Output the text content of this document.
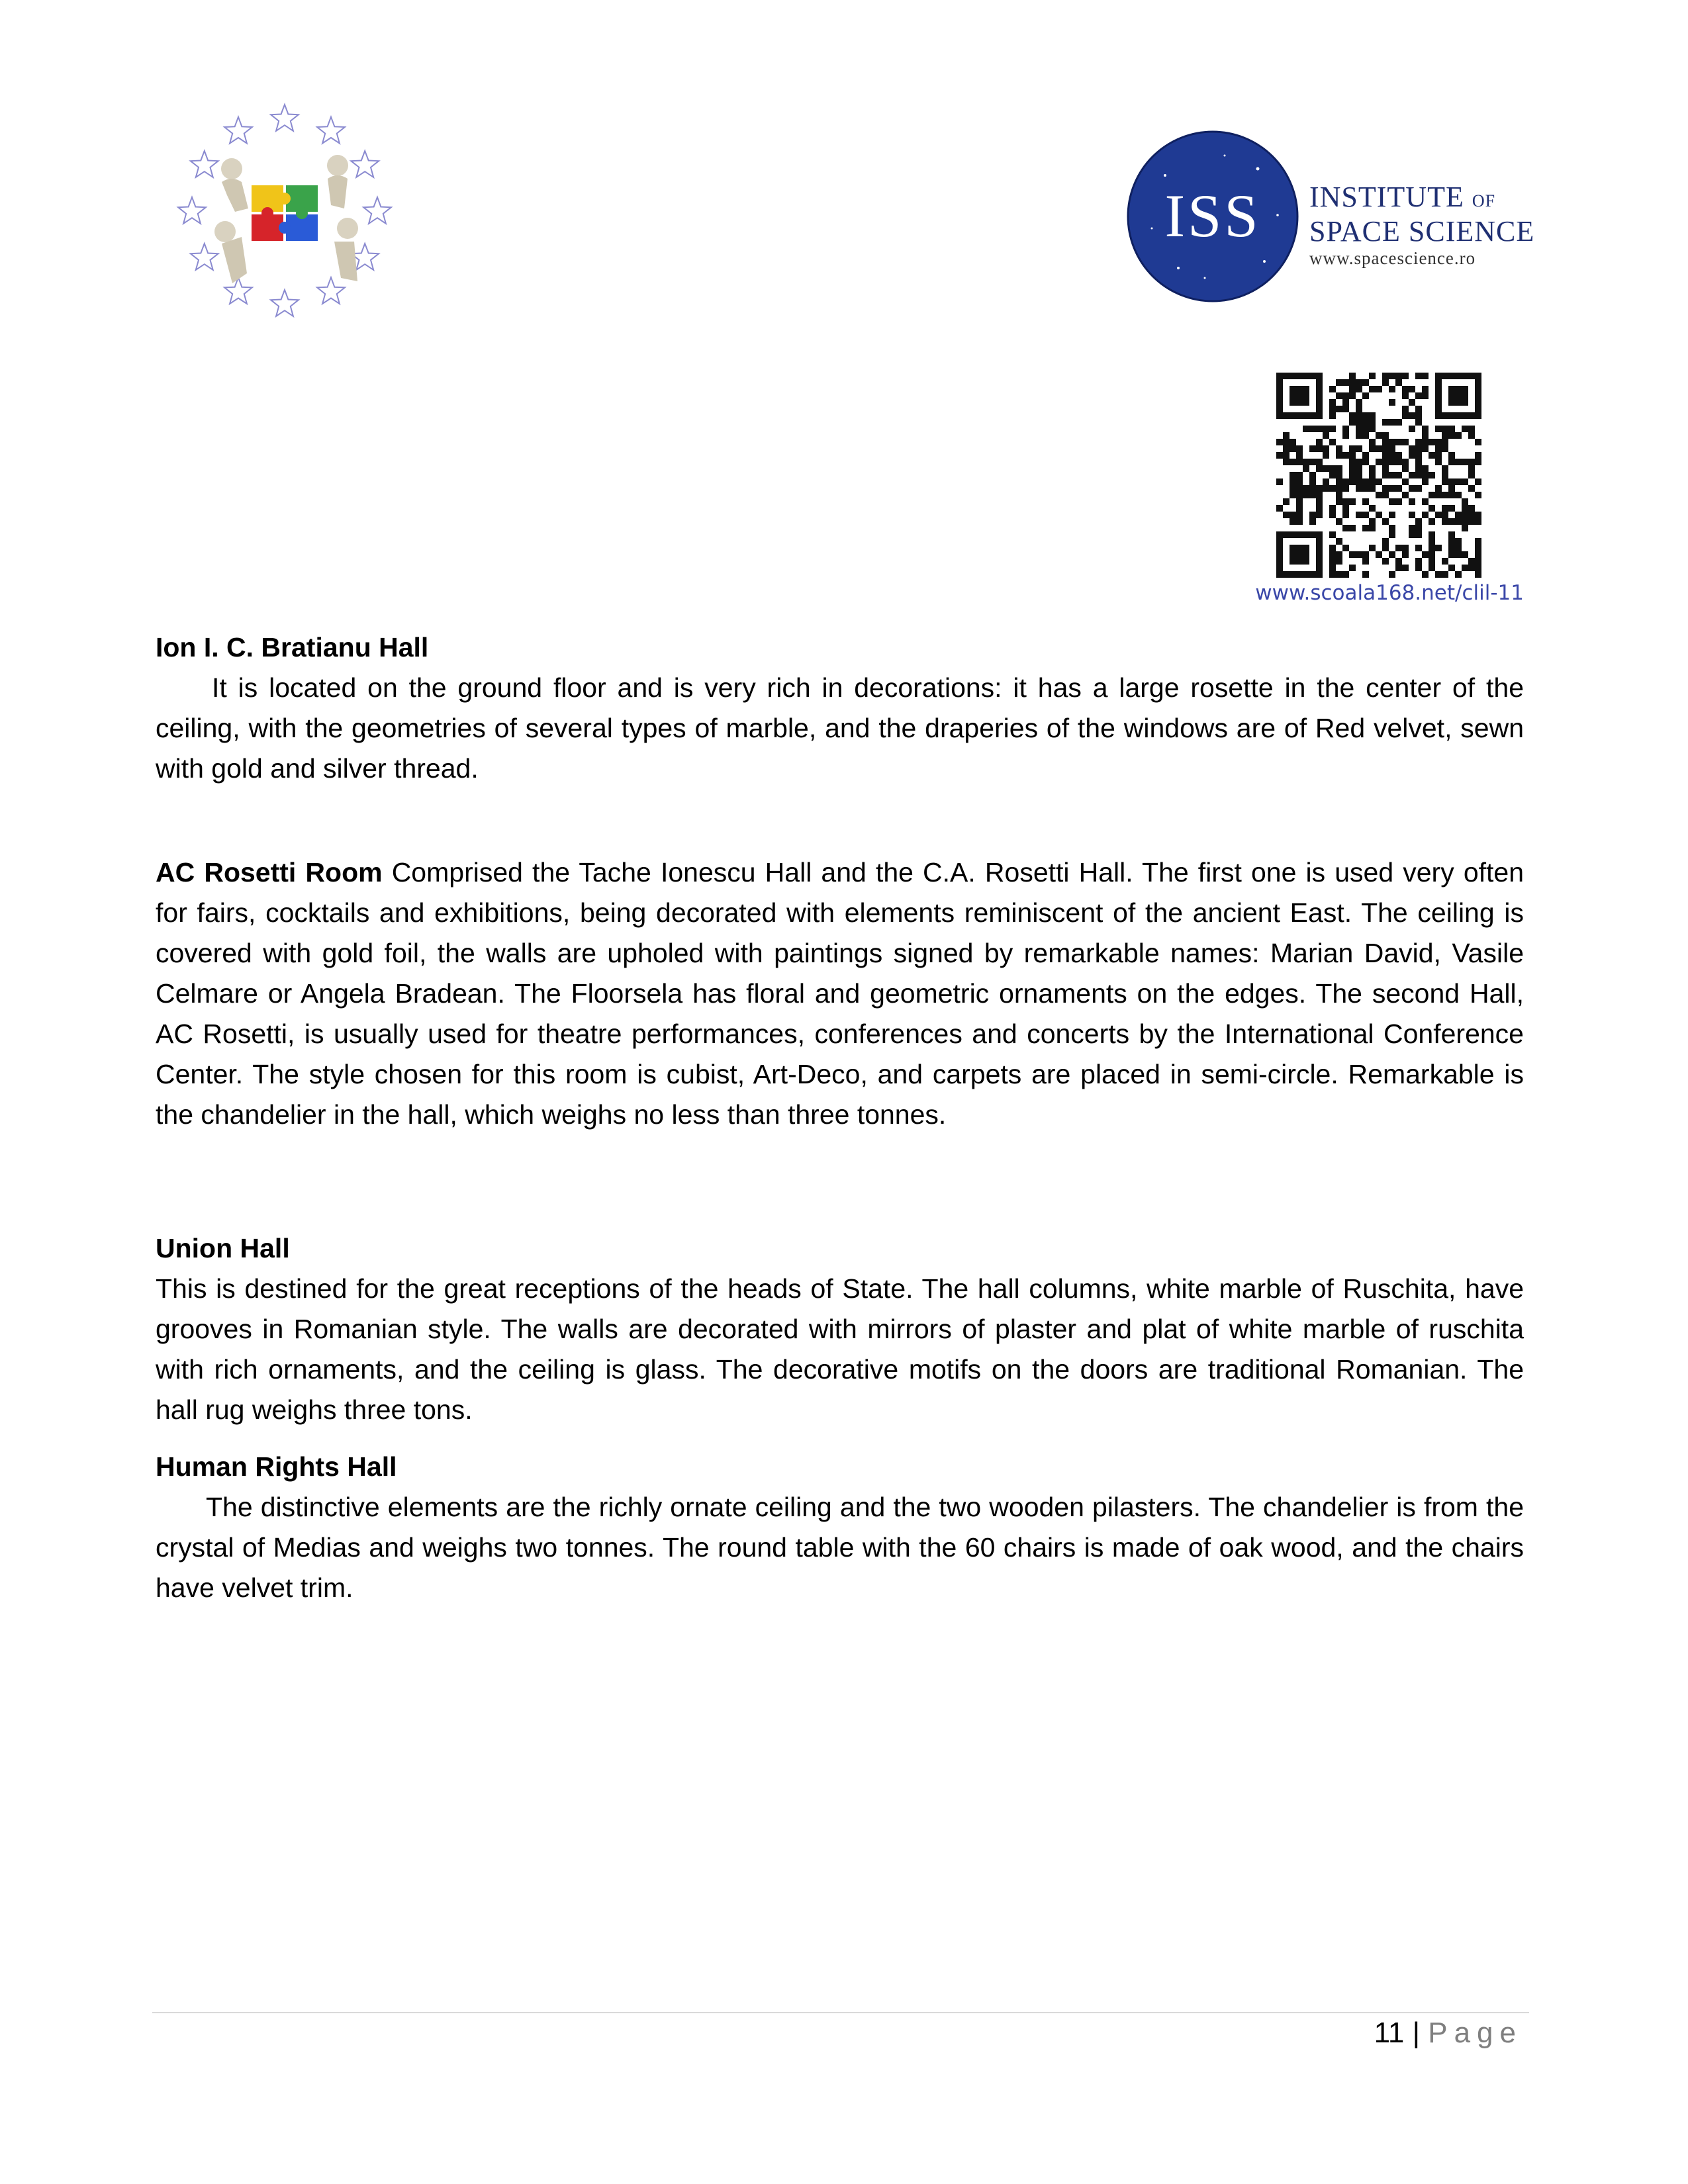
ISS INSTITUTE OF
SPACE SCIENCE
www.spacescience.ro
www.scoala168.net/clil-11

Ion I. C. Bratianu Hall

It is located on the ground floor and is very rich in decorations: it has a large rosette in the center of the ceiling, with the geometries of several types of marble, and the draperies of the windows are of Red velvet, sewn with gold and silver thread.

AC Rosetti Room Comprised the Tache Ionescu Hall and the C.A. Rosetti Hall. The first one is used very often for fairs, cocktails and exhibitions, being decorated with elements reminiscent of the ancient East. The ceiling is covered with gold foil, the walls are upholed with paintings signed by remarkable names: Marian David, Vasile Celmare or Angela Bradean. The Floorsela has floral and geometric ornaments on the edges. The second Hall, AC Rosetti, is usually used for theatre performances, conferences and concerts by the International Conference Center. The style chosen for this room is cubist, Art-Deco, and carpets are placed in semi-circle. Remarkable is the chandelier in the hall, which weighs no less than three tonnes.

Union Hall

This is destined for the great receptions of the heads of State. The hall columns, white marble of Ruschita, have grooves in Romanian style. The walls are decorated with mirrors of plaster and plat of white marble of ruschita with rich ornaments, and the ceiling is glass. The decorative motifs on the doors are traditional Romanian. The hall rug weighs three tons.

Human Rights Hall

The distinctive elements are the richly ornate ceiling and the two wooden pilasters. The chandelier is from the crystal of Medias and weighs two tonnes. The round table with the 60 chairs is made of oak wood, and the chairs have velvet trim.

11 | Page
